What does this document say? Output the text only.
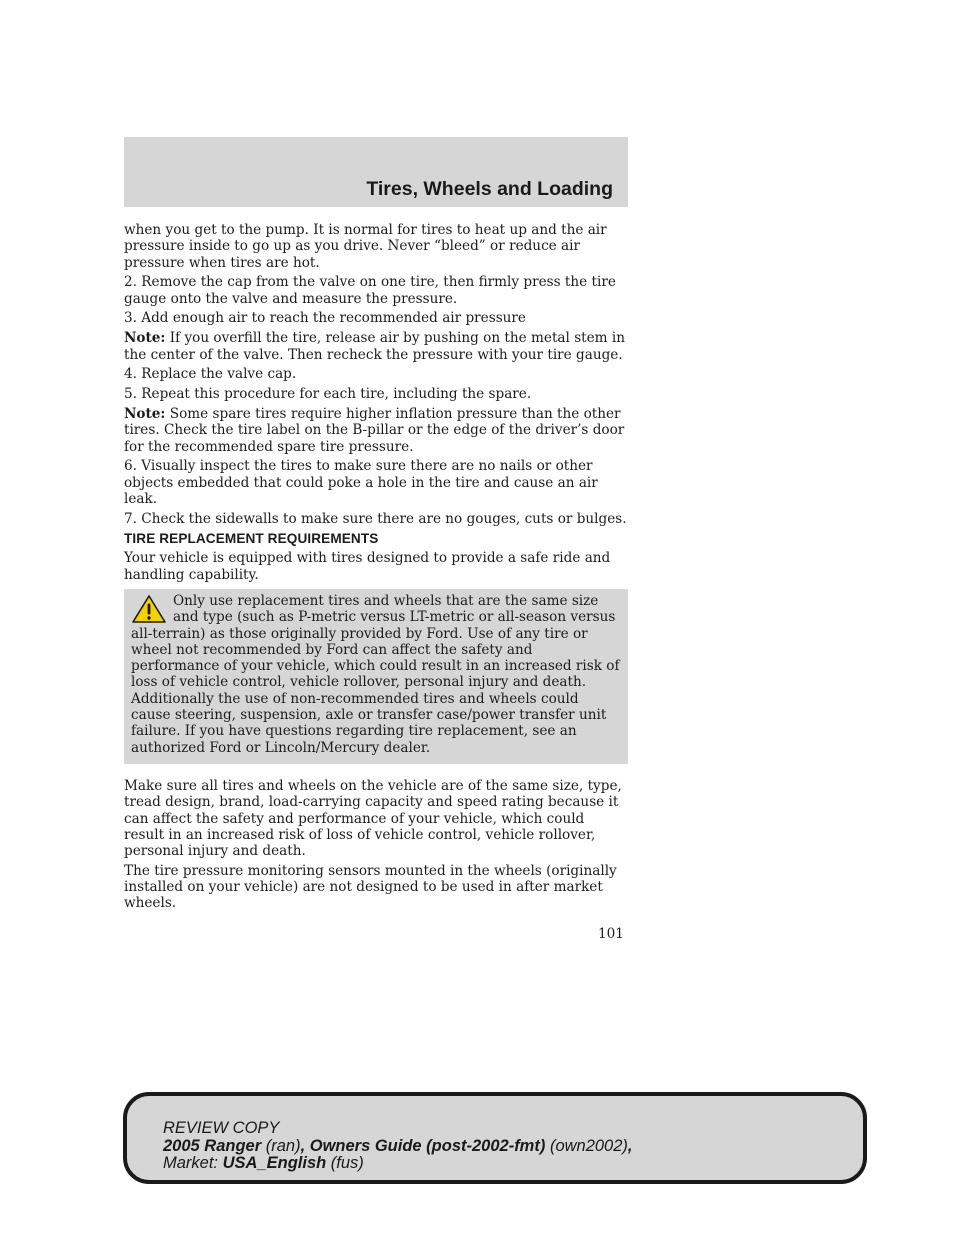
Tires, Wheels and Loading

when you get to the pump. It is normal for tires to heat up and the air pressure inside to go up as you drive. Never “bleed” or reduce air pressure when tires are hot.

2. Remove the cap from the valve on one tire, then firmly press the tire gauge onto the valve and measure the pressure.

3. Add enough air to reach the recommended air pressure

Note: If you overfill the tire, release air by pushing on the metal stem in the center of the valve. Then recheck the pressure with your tire gauge.

4. Replace the valve cap.

5. Repeat this procedure for each tire, including the spare.

Note: Some spare tires require higher inflation pressure than the other tires. Check the tire label on the B-pillar or the edge of the driver’s door for the recommended spare tire pressure.

6. Visually inspect the tires to make sure there are no nails or other objects embedded that could poke a hole in the tire and cause an air leak.

7. Check the sidewalls to make sure there are no gouges, cuts or bulges.

TIRE REPLACEMENT REQUIREMENTS

Your vehicle is equipped with tires designed to provide a safe ride and handling capability.

Only use replacement tires and wheels that are the same size and type (such as P-metric versus LT-metric or all-season versus all-terrain) as those originally provided by Ford. Use of any tire or wheel not recommended by Ford can affect the safety and performance of your vehicle, which could result in an increased risk of loss of vehicle control, vehicle rollover, personal injury and death. Additionally the use of non-recommended tires and wheels could cause steering, suspension, axle or transfer case/power transfer unit failure. If you have questions regarding tire replacement, see an authorized Ford or Lincoln/Mercury dealer.

Make sure all tires and wheels on the vehicle are of the same size, type, tread design, brand, load-carrying capacity and speed rating because it can affect the safety and performance of your vehicle, which could result in an increased risk of loss of vehicle control, vehicle rollover, personal injury and death.

The tire pressure monitoring sensors mounted in the wheels (originally installed on your vehicle) are not designed to be used in after market wheels.

101
REVIEW COPY
2005 Ranger (ran), Owners Guide (post-2002-fmt) (own2002),
Market: USA_English (fus)
